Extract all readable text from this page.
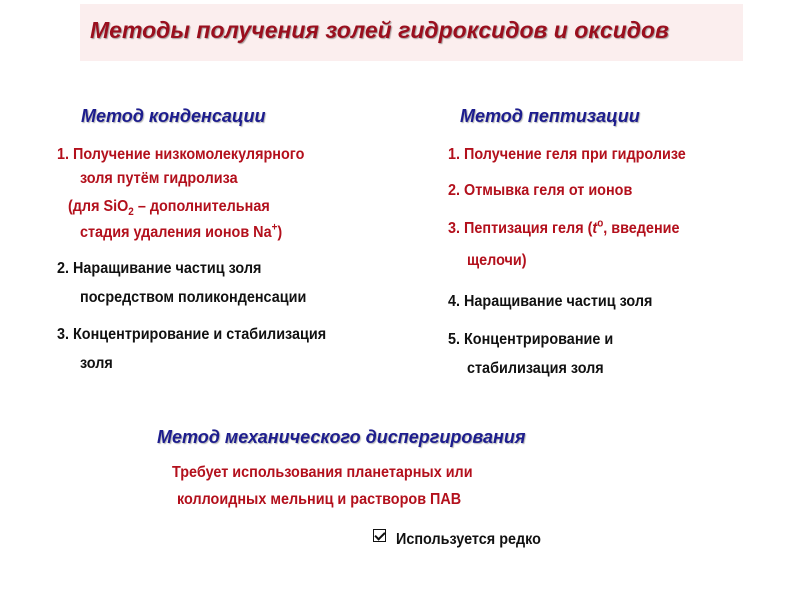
Методы получения золей гидроксидов и оксидов
Метод конденсации
1. Получение низкомолекулярного
золя путём гидролиза
(для SiO$_2$ – дополнительная
стадия удаления ионов Na+)
2. Наращивание частиц золя
посредством поликонденсации
3. Концентрирование и стабилизация
золя
Метод пептизации
1. Получение геля при гидролизе
2. Отмывка геля от ионов
3. Пептизация геля ($t^o$, введение
щелочи)
4. Наращивание частиц золя
5. Концентрирование и
стабилизация золя
Метод механического диспергирования
Требует использования планетарных или
коллоидных мельниц и растворов ПАВ
Используется редко
